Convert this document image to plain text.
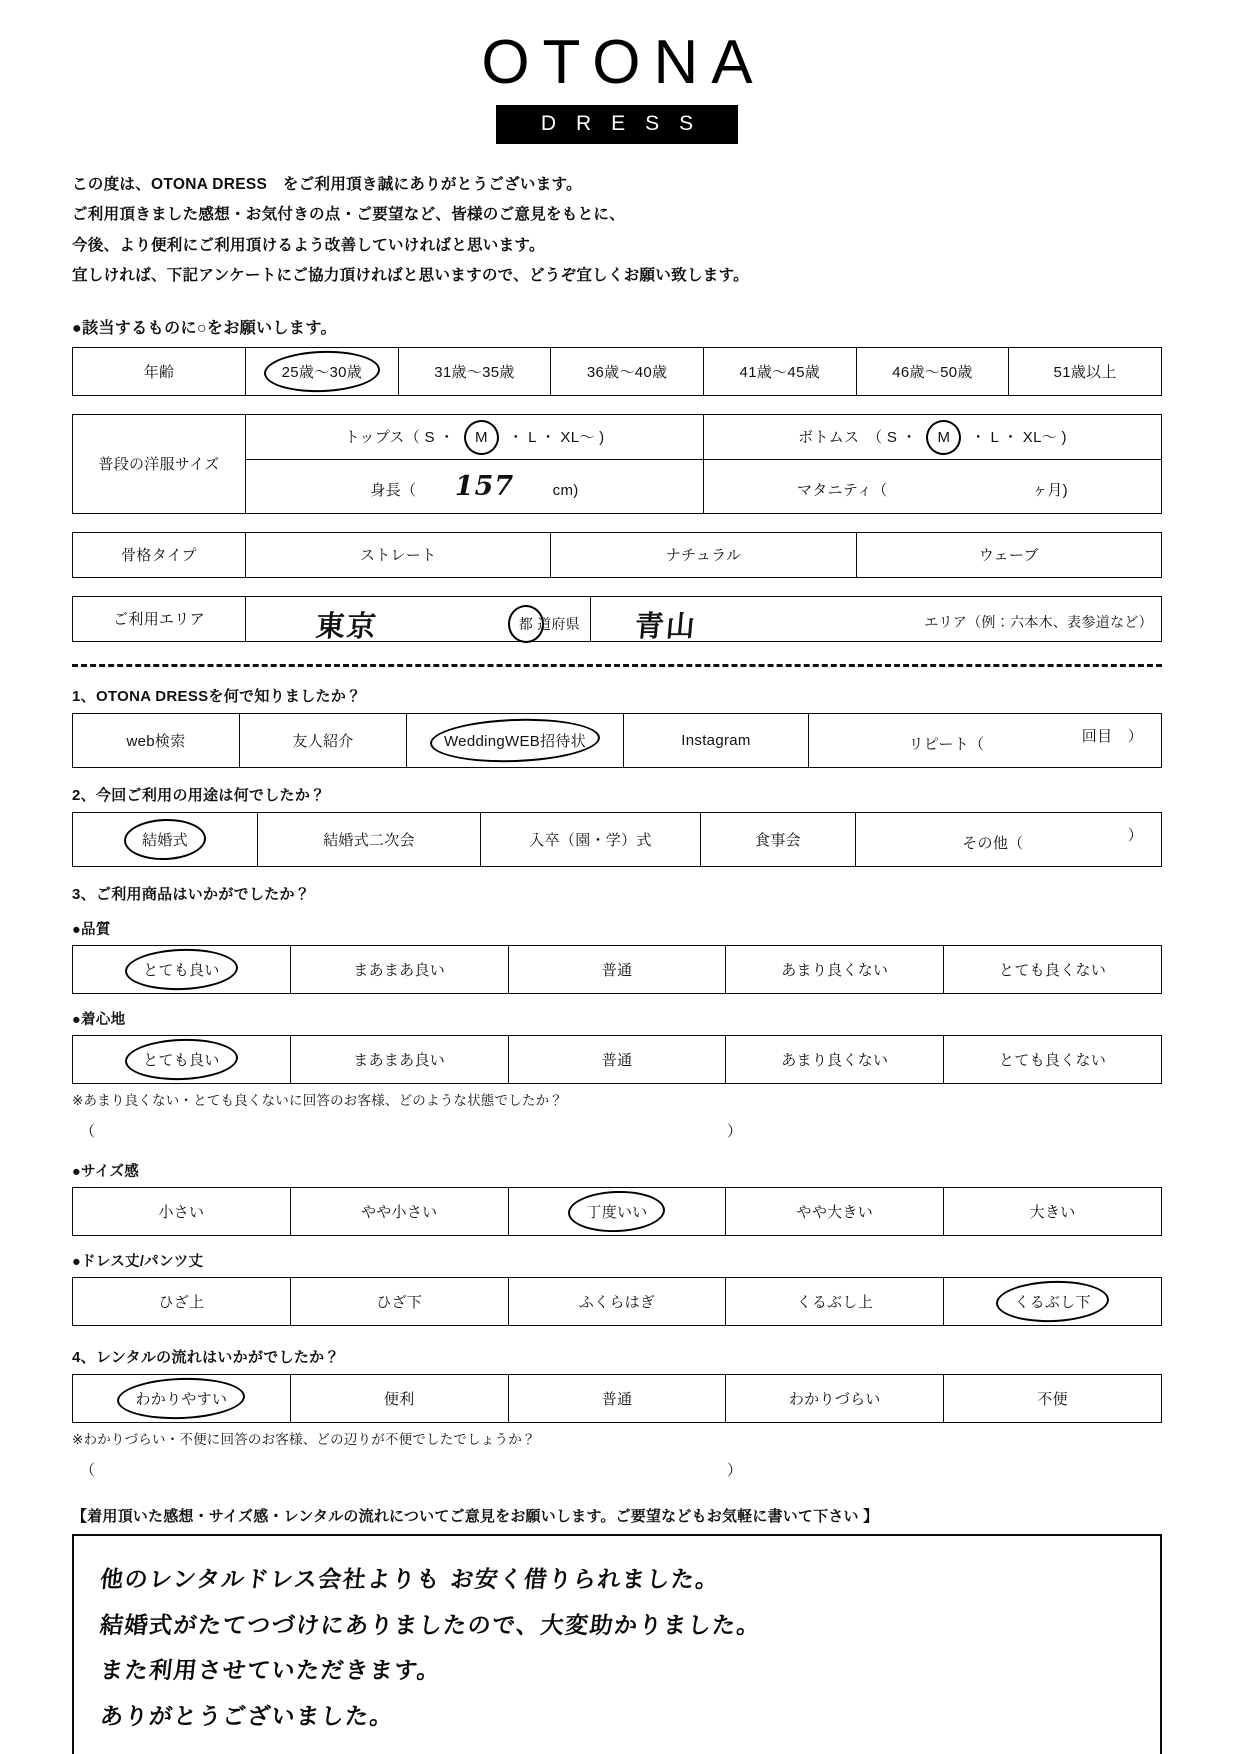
OTONA
DRESS
この度は、OTONA DRESS　をご利用頂き誠にありがとうございます。
ご利用頂きました感想・お気付きの点・ご要望など、皆様のご意見をもとに、
今後、より便利にご利用頂けるよう改善していければと思います。
宜しければ、下記アンケートにご協力頂ければと思いますので、どうぞ宜しくお願い致します。
●該当するものに○をお願いします。
年齢	25歳〜30歳	31歳〜35歳	36歳〜40歳	41歳〜45歳	46歳〜50歳	51歳以上
普段の洋服サイズ	トップス（ S ・ M ・ L ・ XL〜 )	ボトムス　（ S ・ M ・ L ・ XL〜 )
	身長（ 157 cm)	マタニティ（ ヶ月)
骨格タイプ	ストレート	ナチュラル	ウェーブ
ご利用エリア	東京	都 道府県	青山	エリア（例：六本木、表参道など）
1、OTONA DRESSを何で知りましたか？
web検索	友人紹介	WeddingWEB招待状	Instagram	リピート（	回目　）
2、今回ご利用の用途は何でしたか？
結婚式	結婚式二次会	入卒（園・学）式	食事会	その他（	）
3、ご利用商品はいかがでしたか？
●品質
とても良い	まあまあ良い	普通	あまり良くない	とても良くない
●着心地
とても良い	まあまあ良い	普通	あまり良くない	とても良くない
※あまり良くない・とても良くないに回答のお客様、どのような状態でしたか？
（	）
●サイズ感
小さい	やや小さい	丁度いい	やや大きい	大きい
●ドレス丈/パンツ丈
ひざ上	ひざ下	ふくらはぎ	くるぶし上	くるぶし下
4、レンタルの流れはいかがでしたか？
わかりやすい	便利	普通	わかりづらい	不便
※わかりづらい・不便に回答のお客様、どの辺りが不便でしたでしょうか？
（	）
【着用頂いた感想・サイズ感・レンタルの流れについてご意見をお願いします。ご要望などもお気軽に書いて下さい 】
他のレンタルドレス会社よりも お安く借りられました。
結婚式がたてつづけにありましたので、大変助かりました。
また利用させていただきます。
ありがとうございました。
